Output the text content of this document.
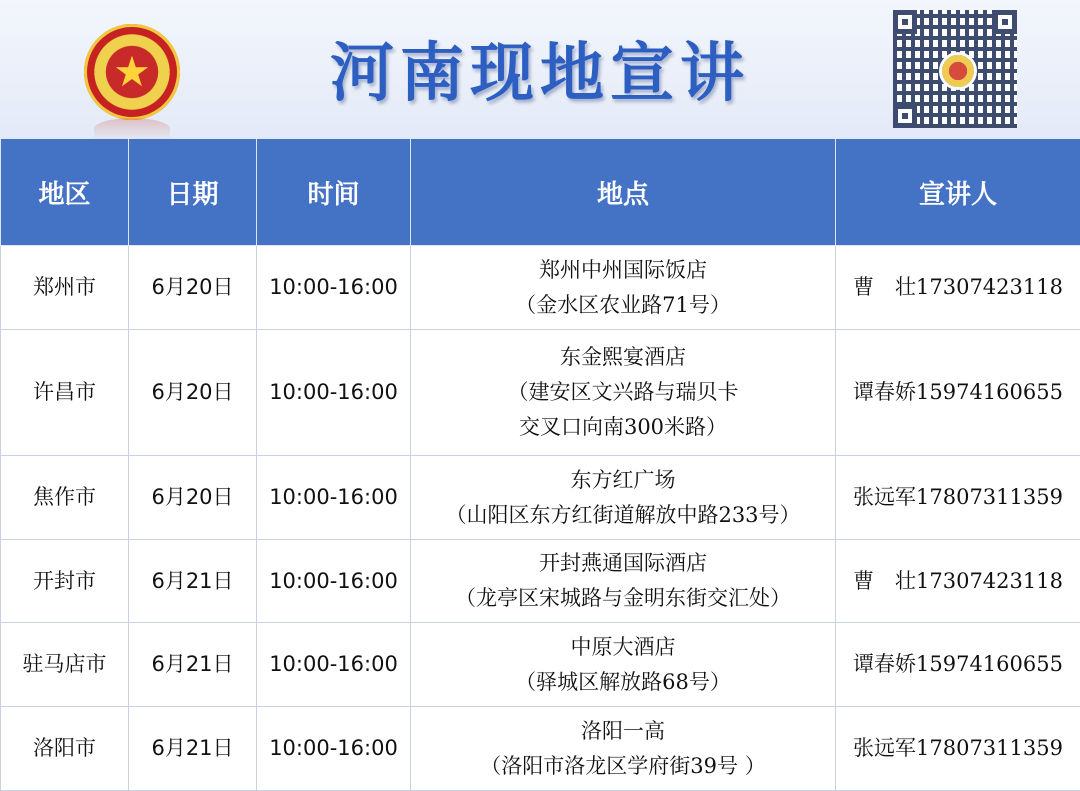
★	河南现地宣讲
地区	日期	时间	地点	宣讲人
郑州市	6月20日	10:00-16:00	郑州中州国际饭店
（金水区农业路71号）	曹　壮17307423118
许昌市	6月20日	10:00-16:00	东金熙宴酒店
（建安区文兴路与瑞贝卡
交叉口向南300米路）	谭春娇15974160655
焦作市	6月20日	10:00-16:00	东方红广场
（山阳区东方红街道解放中路233号）	张远军17807311359
开封市	6月21日	10:00-16:00	开封燕通国际酒店
（龙亭区宋城路与金明东街交汇处）	曹　壮17307423118
驻马店市	6月21日	10:00-16:00	中原大酒店
（驿城区解放路68号）	谭春娇15974160655
洛阳市	6月21日	10:00-16:00	洛阳一高
（洛阳市洛龙区学府街39号 ）	张远军17807311359
